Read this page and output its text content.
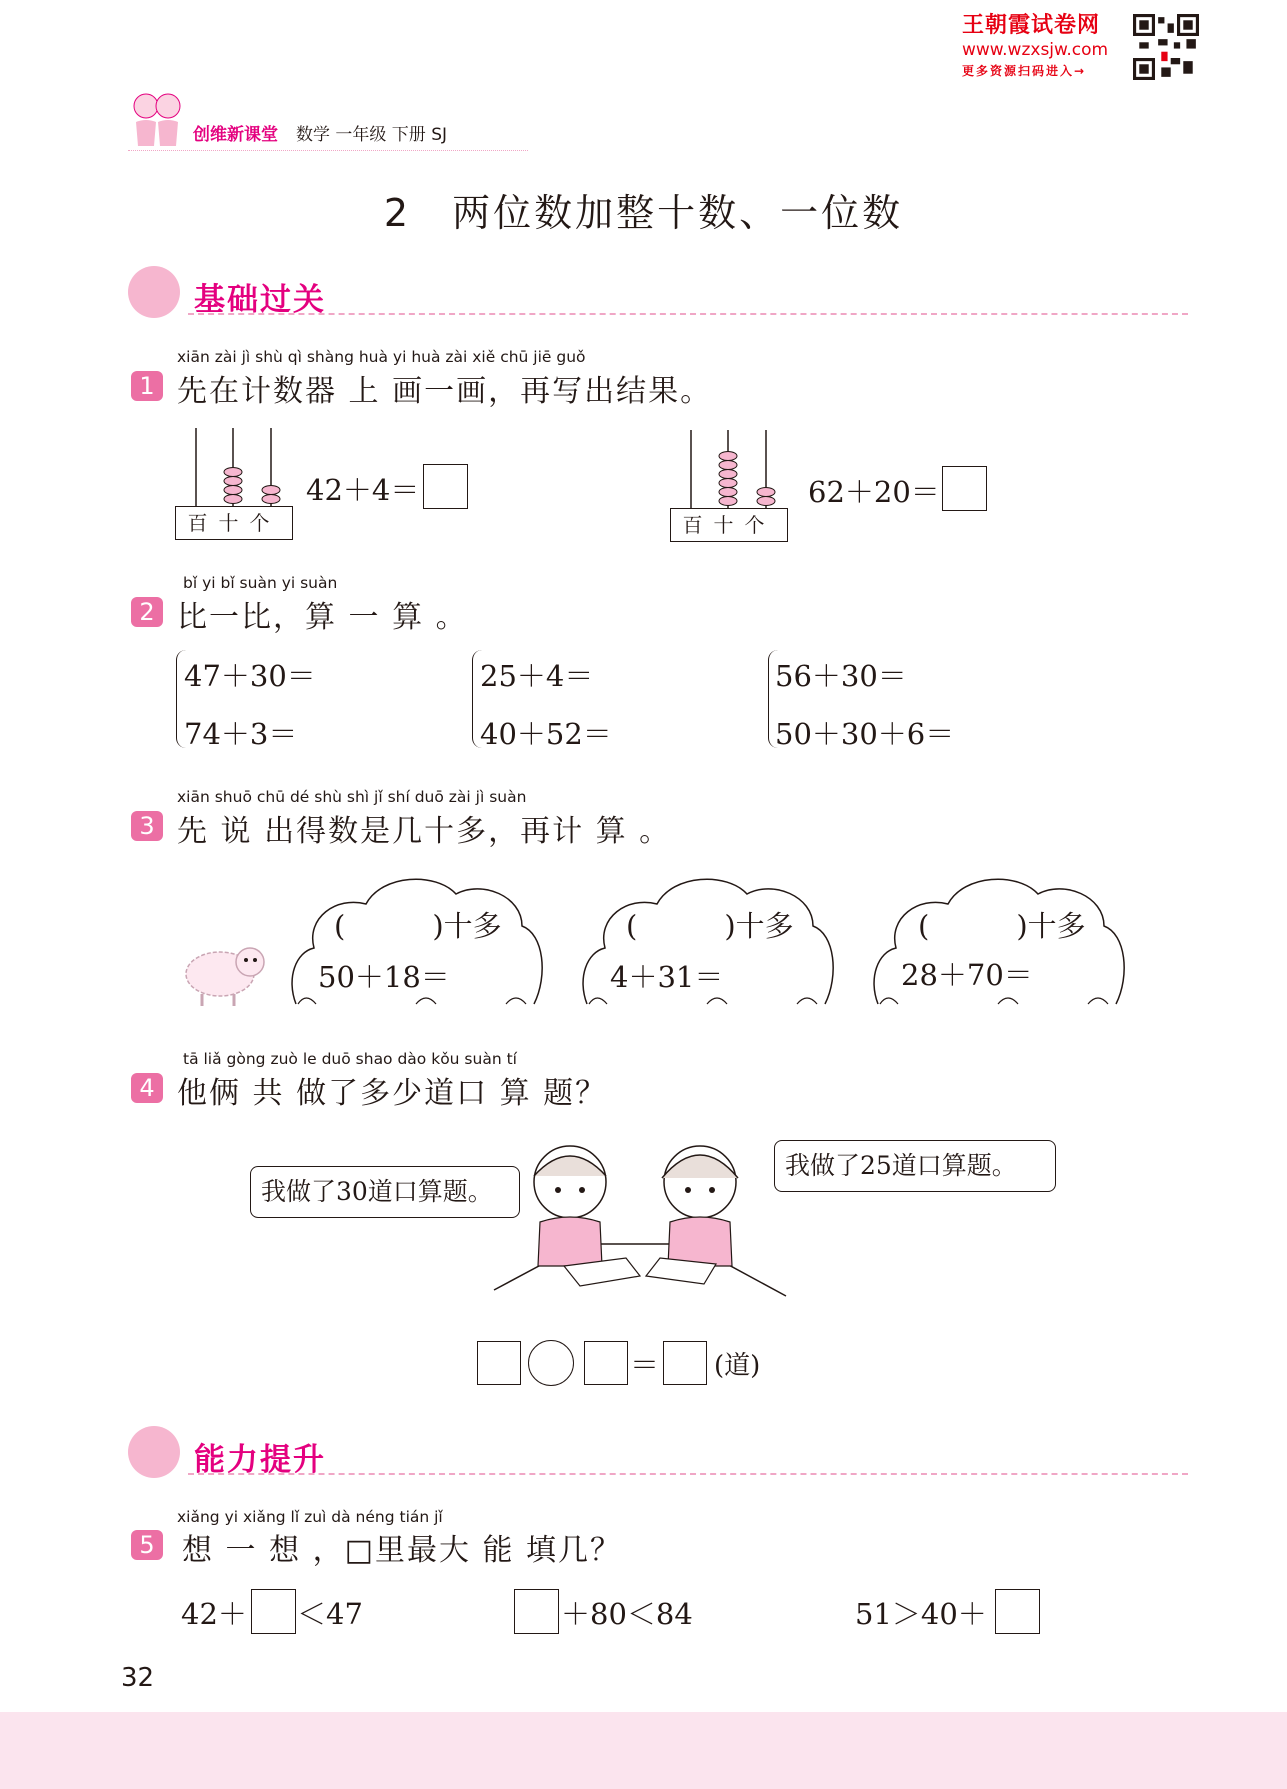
王朝霞试卷网
www.wzxsjw.com
更多资源扫码进入→
创维新课堂 数学 一年级 下册 SJ
2　两位数加整十数、一位数
基础过关
xiān zài jì shù qì shàng huà yi huà zài xiě chū jiē guǒ
1 先在计数器 上 画一画，再写出结果。
百十个
42＋4＝
百十个
62＋20＝
bǐ yi bǐ suàn yi suàn
2 比一比，算 一 算 。
47＋30＝
74＋3＝
25＋4＝
40＋52＝
56＋30＝
50＋30＋6＝
xiān shuō chū dé shù shì jǐ shí duō zài jì suàn
3 先 说 出得数是几十多，再计 算 。
(　　　)十多
50＋18＝
(　　　)十多
4＋31＝
(　　　)十多
28＋70＝
tā liǎ gòng zuò le duō shao dào kǒu suàn tí
4 他俩 共 做了多少道口 算 题？
我做了30道口算题。
我做了25道口算题。
＝ (道)
能力提升
xiǎng yi xiǎng lǐ zuì dà néng tián jǐ
5 想 一 想 ，□里最大 能 填几？
42＋ ＜47	＋80＜84	51＞40＋
32
